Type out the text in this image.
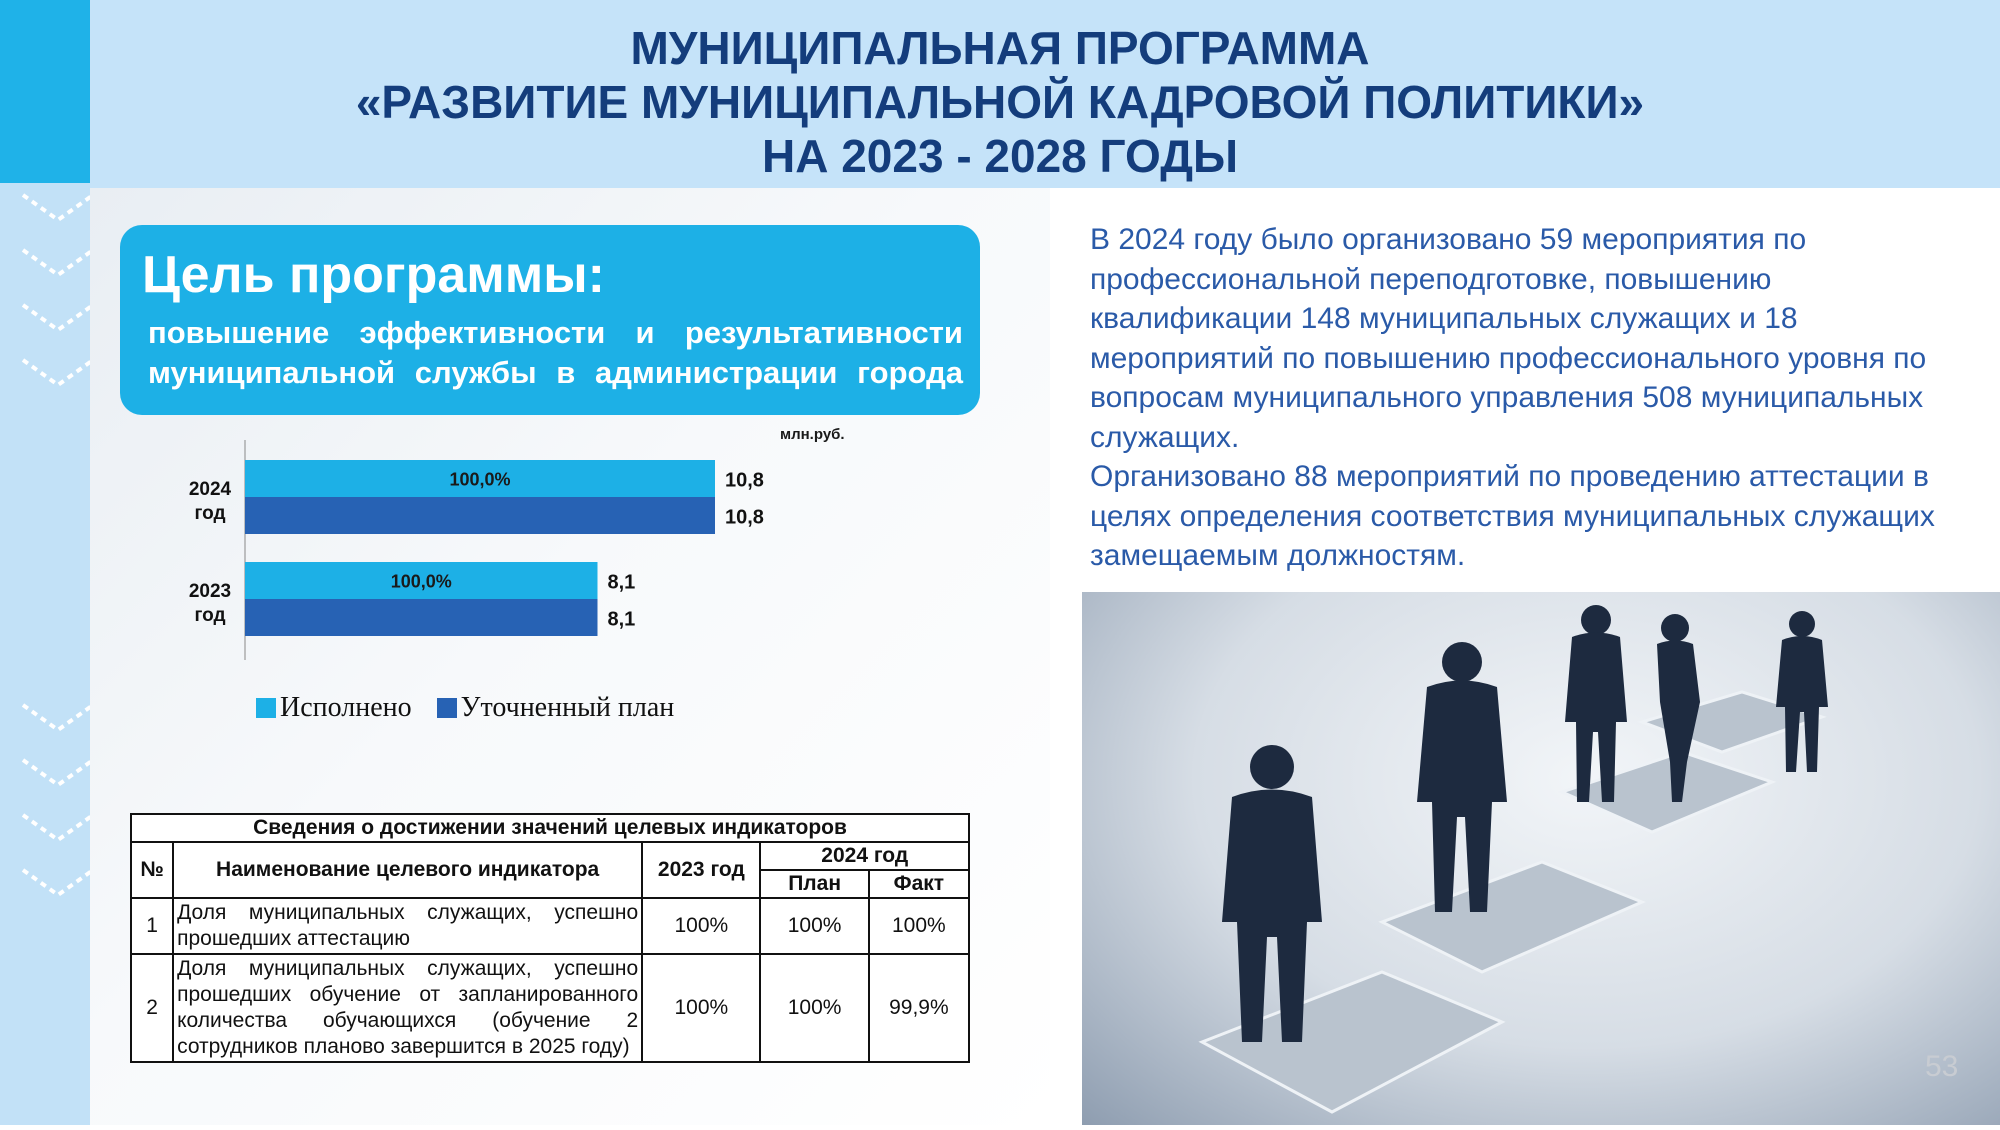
МУНИЦИПАЛЬНАЯ ПРОГРАММА
«РАЗВИТИЕ МУНИЦИПАЛЬНОЙ КАДРОВОЙ ПОЛИТИКИ»
НА 2023 - 2028 ГОДЫ
Цель программы:
повышение эффективности и результативности муниципальной службы в администрации города
млн.руб.
10,8
10,8
100,0%
2024
год
8,1
8,1
100,0%
2023
год
Исполнено
Уточненный план

В 2024 году было организовано 59 мероприятия по профессиональной переподготовке, повышению квалификации 148 муниципальных служащих и 18 мероприятий по повышению профессионального уровня по вопросам муниципального управления 508 муниципальных служащих.

Организовано 88 мероприятий по проведению аттестации в целях определения соответствия муниципальных служащих замещаемым должностям.

53
Сведения о достижении значений целевых индикаторов				
№	Наименование целевого индикатора	2023 год	2024 год	
			План	Факт
1	Доля муниципальных служащих, успешно прошедших аттестацию	100%	100%	100%
2	Доля муниципальных служащих, успешно прошедших обучение от запланированного количества обучающихся (обучение 2 сотрудников планово завершится в 2025 году)	100%	100%	99,9%
